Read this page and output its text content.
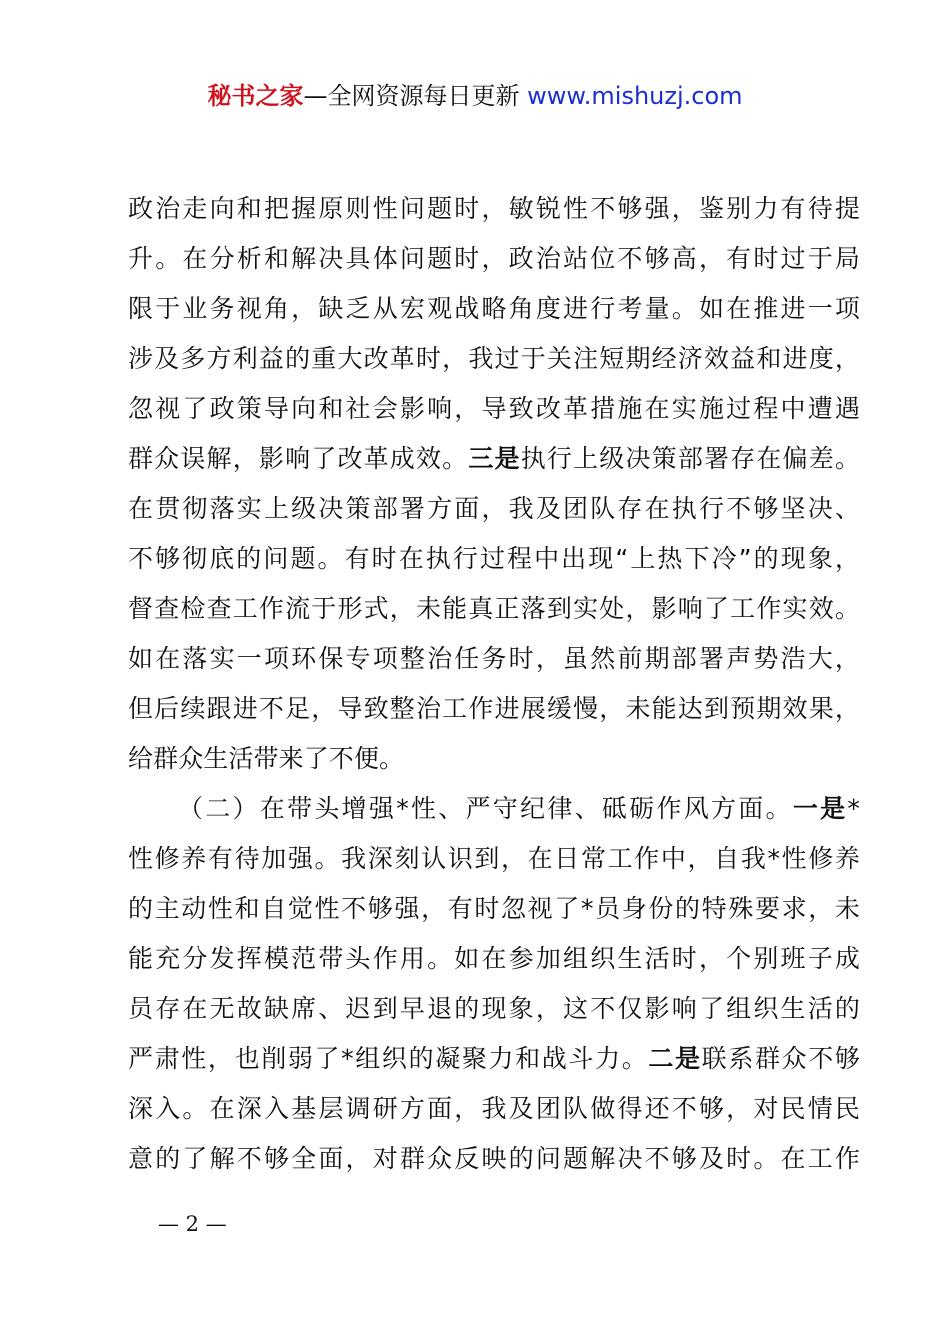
秘书之家—全网资源每日更新 www.mishuzj.com
政治走向和把握原则性问题时，敏锐性不够强，鉴别力有待提
升。在分析和解决具体问题时，政治站位不够高，有时过于局
限于业务视角，缺乏从宏观战略角度进行考量。如在推进一项
涉及多方利益的重大改革时，我过于关注短期经济效益和进度，
忽视了政策导向和社会影响，导致改革措施在实施过程中遭遇
群众误解，影响了改革成效。三是执行上级决策部署存在偏差。
在贯彻落实上级决策部署方面，我及团队存在执行不够坚决、
不够彻底的问题。有时在执行过程中出现“上热下冷”的现象，
督查检查工作流于形式，未能真正落到实处，影响了工作实效。
如在落实一项环保专项整治任务时，虽然前期部署声势浩大，
但后续跟进不足，导致整治工作进展缓慢，未能达到预期效果，
给群众生活带来了不便。
（二）在带头增强*性、严守纪律、砥砺作风方面。一是*
性修养有待加强。我深刻认识到，在日常工作中，自我*性修养
的主动性和自觉性不够强，有时忽视了*员身份的特殊要求，未
能充分发挥模范带头作用。如在参加组织生活时，个别班子成
员存在无故缺席、迟到早退的现象，这不仅影响了组织生活的
严肃性，也削弱了*组织的凝聚力和战斗力。二是联系群众不够
深入。在深入基层调研方面，我及团队做得还不够，对民情民
意的了解不够全面，对群众反映的问题解决不够及时。在工作
— 2 —
